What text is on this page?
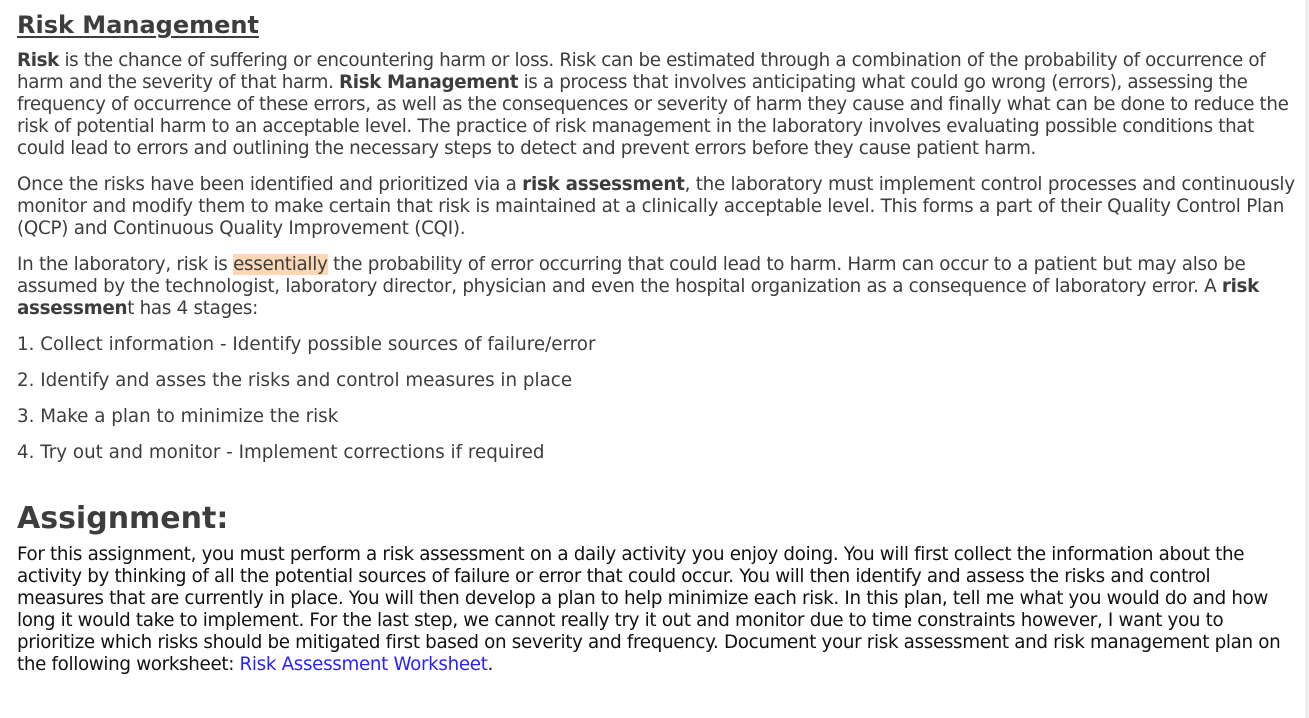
Risk Management

Risk is the chance of suffering or encountering harm or loss. Risk can be estimated through a combination of the probability of occurrence of harm and the severity of that harm. Risk Management is a process that involves anticipating what could go wrong (errors), assessing the frequency of occurrence of these errors, as well as the consequences or severity of harm they cause and finally what can be done to reduce the risk of potential harm to an acceptable level. The practice of risk management in the laboratory involves evaluating possible conditions that could lead to errors and outlining the necessary steps to detect and prevent errors before they cause patient harm.

Once the risks have been identified and prioritized via a risk assessment, the laboratory must implement control processes and continuously monitor and modify them to make certain that risk is maintained at a clinically acceptable level. This forms a part of their Quality Control Plan (QCP) and Continuous Quality Improvement (CQI).

In the laboratory, risk is essentially the probability of error occurring that could lead to harm. Harm can occur to a patient but may also be assumed by the technologist, laboratory director, physician and even the hospital organization as a consequence of laboratory error. A risk assessment has 4 stages:

1. Collect information - Identify possible sources of failure/error
2. Identify and asses the risks and control measures in place
3. Make a plan to minimize the risk
4. Try out and monitor - Implement corrections if required
Assignment:

For this assignment, you must perform a risk assessment on a daily activity you enjoy doing. You will first collect the information about the activity by thinking of all the potential sources of failure or error that could occur. You will then identify and assess the risks and control measures that are currently in place. You will then develop a plan to help minimize each risk. In this plan, tell me what you would do and how long it would take to implement. For the last step, we cannot really try it out and monitor due to time constraints however, I want you to prioritize which risks should be mitigated first based on severity and frequency. Document your risk assessment and risk management plan on the following worksheet: Risk Assessment Worksheet.
